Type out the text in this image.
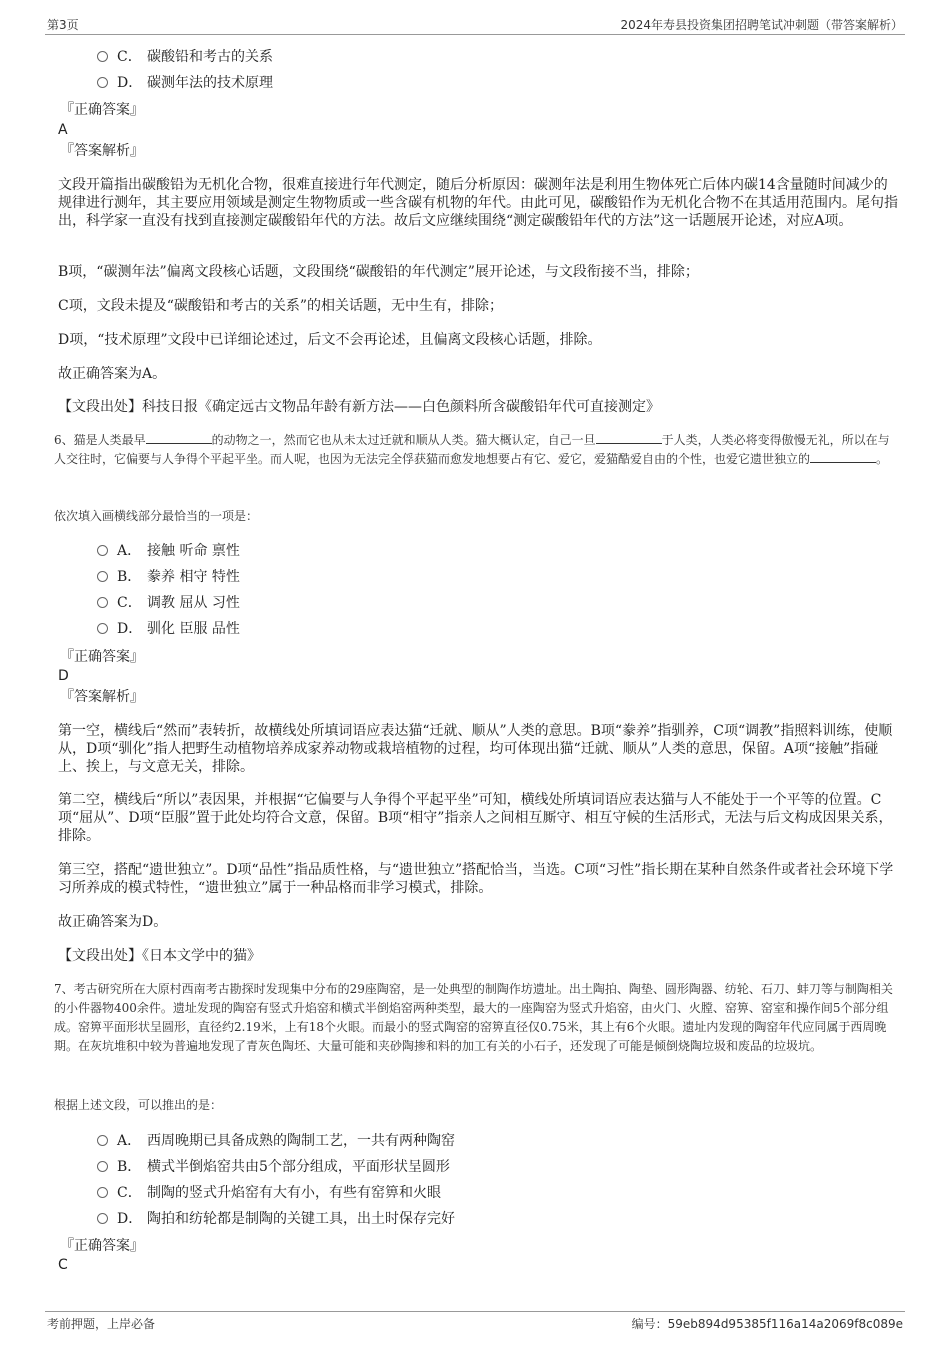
第3页	2024年寿县投资集团招聘笔试冲刺题（带答案解析）
C． 碳酸铅和考古的关系
D． 碳测年法的技术原理
『正确答案』
A
『答案解析』
文段开篇指出碳酸铅为无机化合物，很难直接进行年代测定，随后分析原因：碳测年法是利用生物体死亡后体内碳14含量随时间减少的规律进行测年，其主要应用领域是测定生物物质或一些含碳有机物的年代。由此可见，碳酸铅作为无机化合物不在其适用范围内。尾句指出，科学家一直没有找到直接测定碳酸铅年代的方法。故后文应继续围绕“测定碳酸铅年代的方法”这一话题展开论述，对应A项。
B项，“碳测年法”偏离文段核心话题，文段围绕“碳酸铅的年代测定”展开论述，与文段衔接不当，排除；
C项，文段未提及“碳酸铅和考古的关系”的相关话题，无中生有，排除；
D项，“技术原理”文段中已详细论述过，后文不会再论述，且偏离文段核心话题，排除。
故正确答案为A。
【文段出处】科技日报《确定远古文物品年龄有新方法——白色颜料所含碳酸铅年代可直接测定》
6、猫是人类最早	的动物之一，然而它也从未太过迁就和顺从人类。猫大概认定，自己一旦	于人类，人类必将变得傲慢无礼，所以在与人交往时，它偏要与人争得个平起平坐。而人呢，也因为无法完全俘获猫而愈发地想要占有它、爱它，爱猫酷爱自由的个性，也爱它遗世独立的	。
依次填入画横线部分最恰当的一项是：
A． 接触 听命 禀性
B． 豢养 相守 特性
C． 调教 屈从 习性
D． 驯化 臣服 品性
『正确答案』
D
『答案解析』
第一空，横线后“然而”表转折，故横线处所填词语应表达猫“迁就、顺从”人类的意思。B项“豢养”指驯养，C项“调教”指照料训练，使顺从，D项“驯化”指人把野生动植物培养成家养动物或栽培植物的过程，均可体现出猫“迁就、顺从”人类的意思，保留。A项“接触”指碰上、挨上，与文意无关，排除。
第二空，横线后“所以”表因果，并根据“它偏要与人争得个平起平坐”可知，横线处所填词语应表达猫与人不能处于一个平等的位置。C项“屈从”、D项“臣服”置于此处均符合文意，保留。B项“相守”指亲人之间相互厮守、相互守候的生活形式，无法与后文构成因果关系，排除。
第三空，搭配“遗世独立”。D项“品性”指品质性格，与“遗世独立”搭配恰当，当选。C项“习性”指长期在某种自然条件或者社会环境下学习所养成的模式特性，“遗世独立”属于一种品格而非学习模式，排除。
故正确答案为D。
【文段出处】《日本文学中的猫》
7、考古研究所在大原村西南考古勘探时发现集中分布的29座陶窑，是一处典型的制陶作坊遗址。出土陶拍、陶垫、圆形陶器、纺轮、石刀、蚌刀等与制陶相关的小件器物400余件。遗址发现的陶窑有竖式升焰窑和横式半倒焰窑两种类型，最大的一座陶窑为竖式升焰窑，由火门、火膛、窑箅、窑室和操作间5个部分组成。窑箅平面形状呈圆形，直径约2.19米，上有18个火眼。而最小的竖式陶窑的窑箅直径仅0.75米，其上有6个火眼。遗址内发现的陶窑年代应同属于西周晚期。在灰坑堆积中较为普遍地发现了青灰色陶坯、大量可能和夹砂陶掺和料的加工有关的小石子，还发现了可能是倾倒烧陶垃圾和废品的垃圾坑。
根据上述文段，可以推出的是：
A． 西周晚期已具备成熟的陶制工艺，一共有两种陶窑
B． 横式半倒焰窑共由5个部分组成，平面形状呈圆形
C． 制陶的竖式升焰窑有大有小，有些有窑箅和火眼
D． 陶拍和纺轮都是制陶的关键工具，出土时保存完好
『正确答案』
C
考前押题，上岸必备	编号：59eb894d95385f116a14a2069f8c089e
